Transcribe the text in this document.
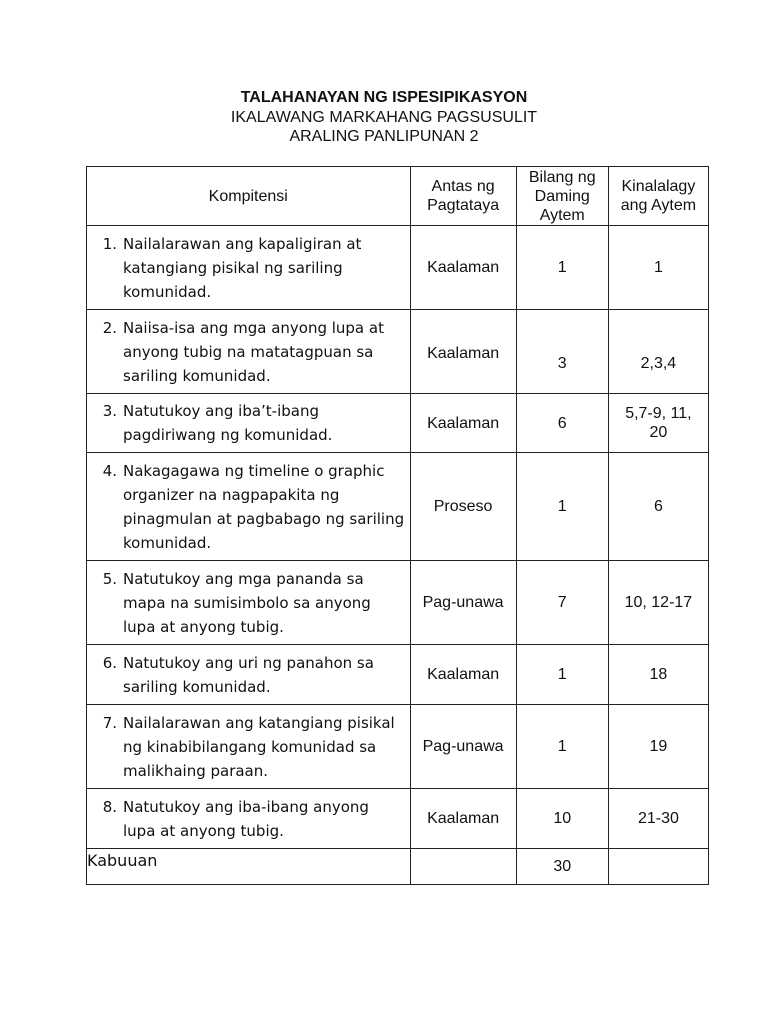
TALAHANAYAN NG ISPESIPIKASYON
IKALAWANG MARKAHANG PAGSUSULIT
ARALING PANLIPUNAN 2
Kompitensi	Antas ng Pagtataya	Bilang ng Daming Aytem	Kinalalagy ang Aytem

1. Nailalarawan ang kapaligiran at katangiang pisikal ng sariling komunidad.	Kaalaman	1	1

2. Naiisa-isa ang mga anyong lupa at anyong tubig na matatagpuan sa sariling komunidad.	Kaalaman	3	2,3,4

3. Natutukoy ang iba’t-ibang pagdiriwang ng komunidad.	Kaalaman	6	5,7-9, 11, 20

4. Nakagagawa ng timeline o graphic organizer na nagpapakita ng pinagmulan at pagbabago ng sariling komunidad.	Proseso	1	6

5. Natutukoy ang mga pananda sa mapa na sumisimbolo sa anyong lupa at anyong tubig.	Pag-unawa	7	10, 12-17

6. Natutukoy ang uri ng panahon sa sariling komunidad.	Kaalaman	1	18

7. Nailalarawan ang katangiang pisikal ng kinabibilangang komunidad sa malikhaing paraan.	Pag-unawa	1	19

8. Natutukoy ang iba-ibang anyong lupa at anyong tubig.	Kaalaman	10	21-30
Kabuuan		30	
